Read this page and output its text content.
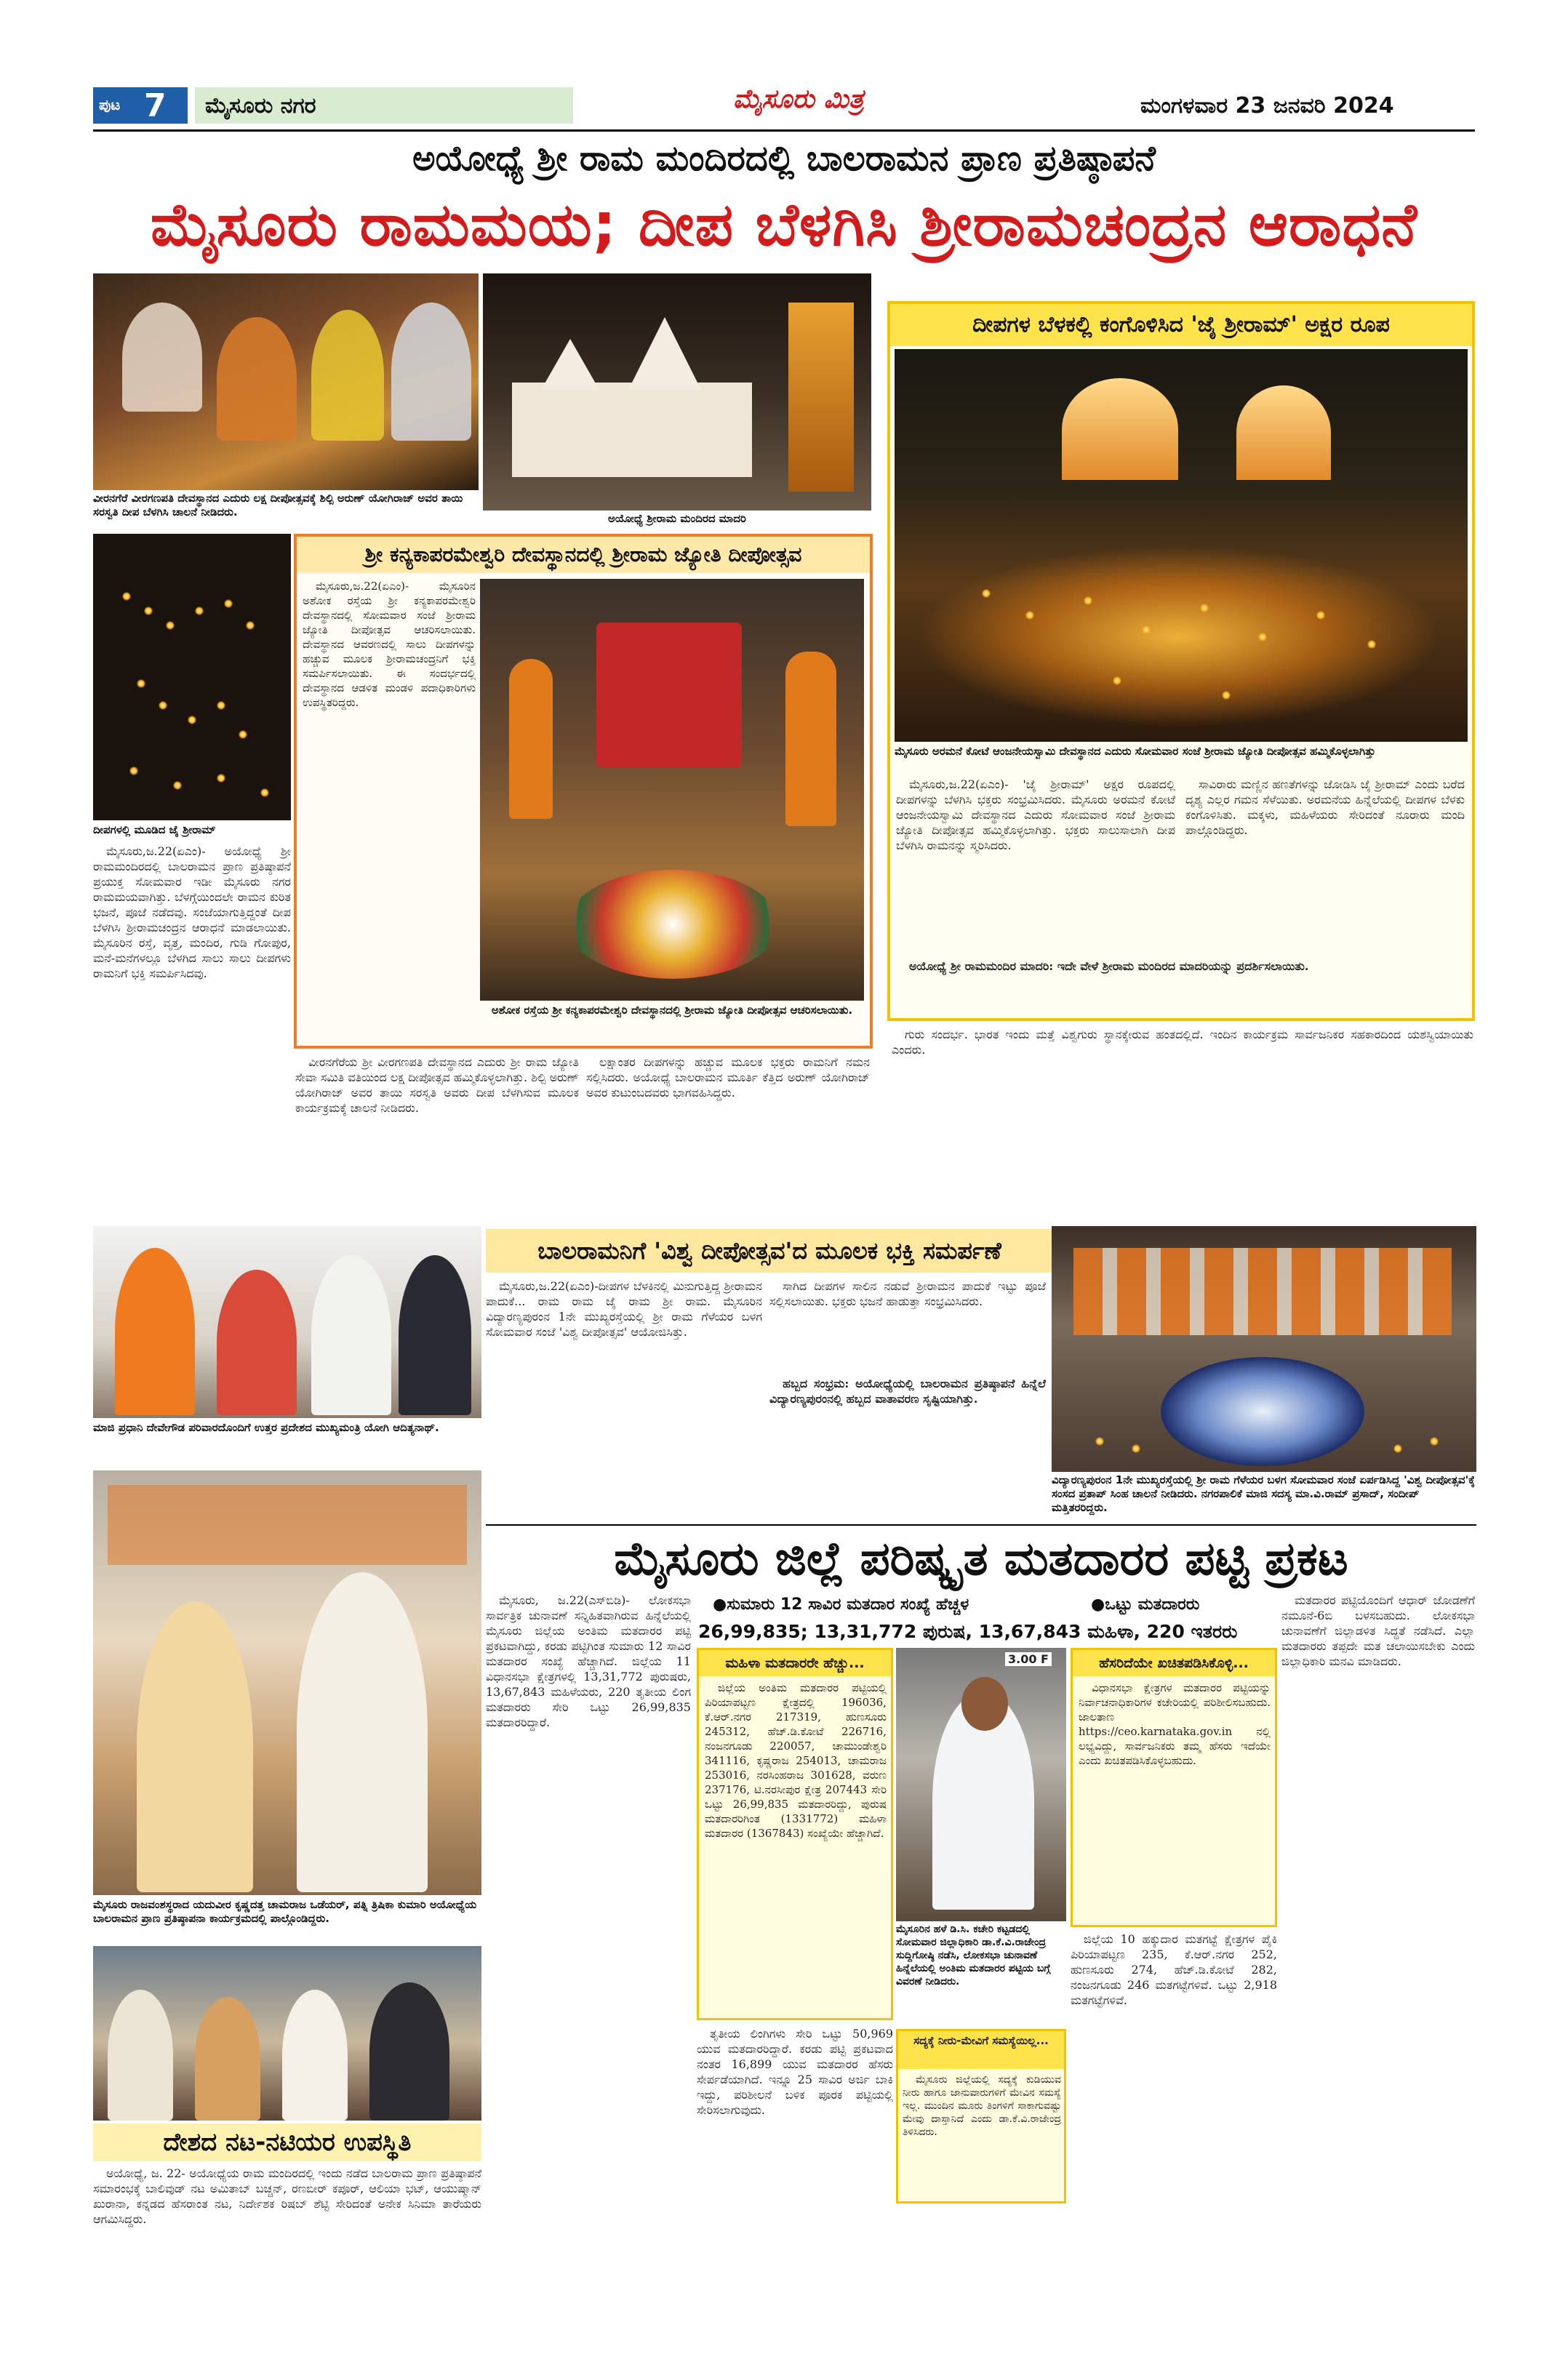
ಪುಟ 7 ಮೈಸೂರು ನಗರ	ಮೈಸೂರು ಮಿತ್ರ	ಮಂಗಳವಾರ 23 ಜನವರಿ 2024
ಅಯೋಧ್ಯೆ ಶ್ರೀ ರಾಮ ಮಂದಿರದಲ್ಲಿ ಬಾಲರಾಮನ ಪ್ರಾಣ ಪ್ರತಿಷ್ಠಾಪನೆ
ಮೈಸೂರು ರಾಮಮಯ; ದೀಪ ಬೆಳಗಿಸಿ ಶ್ರೀರಾಮಚಂದ್ರನ ಆರಾಧನೆ
ವೀರನಗೆರೆ ವೀರಗಣಪತಿ ದೇವಸ್ಥಾನದ ಎದುರು ಲಕ್ಷ ದೀಪೋತ್ಸವಕ್ಕೆ ಶಿಲ್ಪಿ ಅರುಣ್ ಯೋಗಿರಾಜ್ ಅವರ ತಾಯಿ ಸರಸ್ವತಿ ದೀಪ ಬೆಳಗಿಸಿ ಚಾಲನೆ ನೀಡಿದರು.	ಅಯೋಧ್ಯೆ ಶ್ರೀರಾಮ ಮಂದಿರದ ಮಾದರಿ
ದೀಪಗಳಲ್ಲಿ ಮೂಡಿದ ಜೈ ಶ್ರೀರಾಮ್
ಶ್ರೀ ಕನ್ಯಕಾಪರಮೇಶ್ವರಿ ದೇವಸ್ಥಾನದಲ್ಲಿ ಶ್ರೀರಾಮ ಜ್ಯೋತಿ ದೀಪೋತ್ಸವ

ಮೈಸೂರು,ಜ.22(ಏಎಂ)- ಮೈಸೂರಿನ ಅಶೋಕ ರಸ್ತೆಯ ಶ್ರೀ ಕನ್ಯಕಾಪರಮೇಶ್ವರಿ ದೇವಸ್ಥಾನದಲ್ಲಿ ಸೋಮವಾರ ಸಂಜೆ ಶ್ರೀರಾಮ ಜ್ಯೋತಿ ದೀಪೋತ್ಸವ ಆಚರಿಸಲಾಯಿತು. ದೇವಸ್ಥಾನದ ಆವರಣದಲ್ಲಿ ಸಾಲು ದೀಪಗಳನ್ನು ಹಚ್ಚುವ ಮೂಲಕ ಶ್ರೀರಾಮಚಂದ್ರನಿಗೆ ಭಕ್ತಿ ಸಮರ್ಪಿಸಲಾಯಿತು. ಈ ಸಂದರ್ಭದಲ್ಲಿ ದೇವಸ್ಥಾನದ ಆಡಳಿತ ಮಂಡಳಿ ಪದಾಧಿಕಾರಿಗಳು ಉಪಸ್ಥಿತರಿದ್ದರು.

ಅಶೋಕ ರಸ್ತೆಯ ಶ್ರೀ ಕನ್ಯಕಾಪರಮೇಶ್ವರಿ ದೇವಸ್ಥಾನದಲ್ಲಿ ಶ್ರೀರಾಮ ಜ್ಯೋತಿ ದೀಪೋತ್ಸವ ಆಚರಿಸಲಾಯಿತು.
ದೀಪಗಳ ಬೆಳಕಲ್ಲಿ ಕಂಗೊಳಿಸಿದ 'ಜೈ ಶ್ರೀರಾಮ್' ಅಕ್ಷರ ರೂಪ
ಮೈಸೂರು ಅರಮನೆ ಕೋಟೆ ಆಂಜನೇಯಸ್ವಾಮಿ ದೇವಸ್ಥಾನದ ಎದುರು ಸೋಮವಾರ ಸಂಜೆ ಶ್ರೀರಾಮ ಜ್ಯೋತಿ ದೀಪೋತ್ಸವ ಹಮ್ಮಿಕೊಳ್ಳಲಾಗಿತ್ತು

ಮೈಸೂರು,ಜ.22(ಏಎಂ)- 'ಜೈ ಶ್ರೀರಾಮ್' ಅಕ್ಷರ ರೂಪದಲ್ಲಿ ದೀಪಗಳನ್ನು ಬೆಳಗಿಸಿ ಭಕ್ತರು ಸಂಭ್ರಮಿಸಿದರು. ಮೈಸೂರು ಅರಮನೆ ಕೋಟೆ ಆಂಜನೇಯಸ್ವಾಮಿ ದೇವಸ್ಥಾನದ ಎದುರು ಸೋಮವಾರ ಸಂಜೆ ಶ್ರೀರಾಮ ಜ್ಯೋತಿ ದೀಪೋತ್ಸವ ಹಮ್ಮಿಕೊಳ್ಳಲಾಗಿತ್ತು. ಭಕ್ತರು ಸಾಲುಸಾಲಾಗಿ ದೀಪ ಬೆಳಗಿಸಿ ರಾಮನನ್ನು ಸ್ಮರಿಸಿದರು.

ಸಾವಿರಾರು ಮಣ್ಣಿನ ಹಣತೆಗಳನ್ನು ಜೋಡಿಸಿ ಜೈ ಶ್ರೀರಾಮ್ ಎಂದು ಬರೆದ ದೃಶ್ಯ ಎಲ್ಲರ ಗಮನ ಸೆಳೆಯಿತು. ಅರಮನೆಯ ಹಿನ್ನೆಲೆಯಲ್ಲಿ ದೀಪಗಳ ಬೆಳಕು ಕಂಗೊಳಿಸಿತು. ಮಕ್ಕಳು, ಮಹಿಳೆಯರು ಸೇರಿದಂತೆ ನೂರಾರು ಮಂದಿ ಪಾಲ್ಗೊಂಡಿದ್ದರು.

ಅಯೋಧ್ಯೆ ಶ್ರೀ ರಾಮಮಂದಿರ ಮಾದರಿ: ಇದೇ ವೇಳೆ ಶ್ರೀರಾಮ ಮಂದಿರದ ಮಾದರಿಯನ್ನು ಪ್ರದರ್ಶಿಸಲಾಯಿತು.

ಮೈಸೂರು,ಜ.22(ಏಎಂ)- ಅಯೋಧ್ಯೆ ಶ್ರೀ ರಾಮಮಂದಿರದಲ್ಲಿ ಬಾಲರಾಮನ ಪ್ರಾಣ ಪ್ರತಿಷ್ಠಾಪನೆ ಪ್ರಯುಕ್ತ ಸೋಮವಾರ ಇಡೀ ಮೈಸೂರು ನಗರ ರಾಮಮಯವಾಗಿತ್ತು. ಬೆಳಗ್ಗೆಯಿಂದಲೇ ರಾಮನ ಕುರಿತ ಭಜನೆ, ಪೂಜೆ ನಡೆದವು. ಸಂಜೆಯಾಗುತ್ತಿದ್ದಂತೆ ದೀಪ ಬೆಳಗಿಸಿ ಶ್ರೀರಾಮಚಂದ್ರನ ಆರಾಧನೆ ಮಾಡಲಾಯಿತು. ಮೈಸೂರಿನ ರಸ್ತೆ, ವೃತ್ತ, ಮಂದಿರ, ಗುಡಿ ಗೋಪುರ, ಮನೆ-ಮನೆಗಳಲ್ಲೂ ಬೆಳಗಿದ ಸಾಲು ಸಾಲು ದೀಪಗಳು ರಾಮನಿಗೆ ಭಕ್ತಿ ಸಮರ್ಪಿಸಿದವು.

ವೀರನಗೆರೆಯ ಶ್ರೀ ವೀರಗಣಪತಿ ದೇವಸ್ಥಾನದ ಎದುರು ಶ್ರೀ ರಾಮ ಜ್ಯೋತಿ ಸೇವಾ ಸಮಿತಿ ವತಿಯಿಂದ ಲಕ್ಷ ದೀಪೋತ್ಸವ ಹಮ್ಮಿಕೊಳ್ಳಲಾಗಿತ್ತು. ಶಿಲ್ಪಿ ಅರುಣ್ ಯೋಗಿರಾಜ್ ಅವರ ತಾಯಿ ಸರಸ್ವತಿ ಅವರು ದೀಪ ಬೆಳಗಿಸುವ ಮೂಲಕ ಕಾರ್ಯಕ್ರಮಕ್ಕೆ ಚಾಲನೆ ನೀಡಿದರು.

ಲಕ್ಷಾಂತರ ದೀಪಗಳನ್ನು ಹಚ್ಚುವ ಮೂಲಕ ಭಕ್ತರು ರಾಮನಿಗೆ ನಮನ ಸಲ್ಲಿಸಿದರು. ಅಯೋಧ್ಯೆ ಬಾಲರಾಮನ ಮೂರ್ತಿ ಕೆತ್ತಿದ ಅರುಣ್ ಯೋಗಿರಾಜ್ ಅವರ ಕುಟುಂಬದವರು ಭಾಗವಹಿಸಿದ್ದರು.

ಗುರು ಸಂದರ್ಭ. ಭಾರತ ಇಂದು ಮತ್ತೆ ವಿಶ್ವಗುರು ಸ್ಥಾನಕ್ಕೇರುವ ಹಂತದಲ್ಲಿದೆ. ಇಂದಿನ ಕಾರ್ಯಕ್ರಮ ಸಾರ್ವಜನಿಕರ ಸಹಕಾರದಿಂದ ಯಶಸ್ವಿಯಾಯಿತು ಎಂದರು.

ಮಾಜಿ ಪ್ರಧಾನಿ ದೇವೇಗೌಡ ಪರಿವಾರದೊಂದಿಗೆ ಉತ್ತರ ಪ್ರದೇಶದ ಮುಖ್ಯಮಂತ್ರಿ ಯೋಗಿ ಆದಿತ್ಯನಾಥ್.
ಮೈಸೂರು ರಾಜವಂಶಸ್ಥರಾದ ಯದುವೀರ ಕೃಷ್ಣದತ್ತ ಚಾಮರಾಜ ಒಡೆಯರ್, ಪತ್ನಿ ತ್ರಿಷಿಕಾ ಕುಮಾರಿ ಅಯೋಧ್ಯೆಯ ಬಾಲರಾಮನ ಪ್ರಾಣ ಪ್ರತಿಷ್ಠಾಪನಾ ಕಾರ್ಯಕ್ರಮದಲ್ಲಿ ಪಾಲ್ಗೊಂಡಿದ್ದರು.
ದೇಶದ ನಟ-ನಟಿಯರ ಉಪಸ್ಥಿತಿ

ಅಯೋಧ್ಯೆ, ಜ. 22- ಅಯೋಧ್ಯೆಯ ರಾಮ ಮಂದಿರದಲ್ಲಿ ಇಂದು ನಡೆದ ಬಾಲರಾಮ ಪ್ರಾಣ ಪ್ರತಿಷ್ಠಾಪನೆ ಸಮಾರಂಭಕ್ಕೆ ಬಾಲಿವುಡ್ ನಟ ಅಮಿತಾಬ್ ಬಚ್ಚನ್, ರಣಬೀರ್ ಕಪೂರ್, ಆಲಿಯಾ ಭಟ್, ಆಯುಷ್ಮಾನ್ ಖುರಾನಾ, ಕನ್ನಡದ ಹೆಸರಾಂತ ನಟ, ನಿರ್ದೇಶಕ ರಿಷಬ್ ಶೆಟ್ಟಿ ಸೇರಿದಂತೆ ಅನೇಕ ಸಿನಿಮಾ ತಾರೆಯರು ಆಗಮಿಸಿದ್ದರು.

ಬಾಲರಾಮನಿಗೆ 'ವಿಶ್ವ ದೀಪೋತ್ಸವ'ದ ಮೂಲಕ ಭಕ್ತಿ ಸಮರ್ಪಣೆ

ಮೈಸೂರು,ಜ.22(ಏಎಂ)-ದೀಪಗಳ ಬೆಳಕಿನಲ್ಲಿ ಮಿನುಗುತ್ತಿದ್ದ ಶ್ರೀರಾಮನ ಪಾದುಕೆ... ರಾಮ ರಾಮ ಜೈ ರಾಮ ಶ್ರೀ ರಾಮ. ಮೈಸೂರಿನ ವಿದ್ಯಾರಣ್ಯಪುರಂನ 1ನೇ ಮುಖ್ಯರಸ್ತೆಯಲ್ಲಿ ಶ್ರೀ ರಾಮ ಗೆಳೆಯರ ಬಳಗ ಸೋಮವಾರ ಸಂಜೆ 'ವಿಶ್ವ ದೀಪೋತ್ಸವ' ಆಯೋಜಿಸಿತ್ತು.

ಸಾಗಿದ ದೀಪಗಳ ಸಾಲಿನ ನಡುವೆ ಶ್ರೀರಾಮನ ಪಾದುಕೆ ಇಟ್ಟು ಪೂಜೆ ಸಲ್ಲಿಸಲಾಯಿತು. ಭಕ್ತರು ಭಜನೆ ಹಾಡುತ್ತಾ ಸಂಭ್ರಮಿಸಿದರು.

ಹಬ್ಬದ ಸಂಭ್ರಮ: ಅಯೋಧ್ಯೆಯಲ್ಲಿ ಬಾಲರಾಮನ ಪ್ರತಿಷ್ಠಾಪನೆ ಹಿನ್ನೆಲೆ ವಿದ್ಯಾರಣ್ಯಪುರಂನಲ್ಲಿ ಹಬ್ಬದ ವಾತಾವರಣ ಸೃಷ್ಟಿಯಾಗಿತ್ತು.

ವಿದ್ಯಾರಣ್ಯಪುರಂನ 1ನೇ ಮುಖ್ಯರಸ್ತೆಯಲ್ಲಿ ಶ್ರೀ ರಾಮ ಗೆಳೆಯರ ಬಳಗ ಸೋಮವಾರ ಸಂಜೆ ಏರ್ಪಡಿಸಿದ್ದ 'ವಿಶ್ವ ದೀಪೋತ್ಸವ'ಕ್ಕೆ ಸಂಸದ ಪ್ರತಾಪ್ ಸಿಂಹ ಚಾಲನೆ ನೀಡಿದರು. ನಗರಪಾಲಿಕೆ ಮಾಜಿ ಸದಸ್ಯ ಮಾ.ವಿ.ರಾಮ್ ಪ್ರಸಾದ್, ಸಂದೀಪ್ ಮತ್ತಿತರರಿದ್ದರು.
ಮೈಸೂರು ಜಿಲ್ಲೆ ಪರಿಷ್ಕೃತ ಮತದಾರರ ಪಟ್ಟಿ ಪ್ರಕಟ
●ಸುಮಾರು 12 ಸಾವಿರ ಮತದಾರ ಸಂಖ್ಯೆ ಹೆಚ್ಚಳ	●ಒಟ್ಟು ಮತದಾರರು
26,99,835; 13,31,772 ಪುರುಷ, 13,67,843 ಮಹಿಳಾ, 220 ಇತರರು

ಮೈಸೂರು, ಜ.22(ಎಸ್‌ಬಿಡಿ)- ಲೋಕಸಭಾ ಸಾರ್ವತ್ರಿಕ ಚುನಾವಣೆ ಸನ್ನಿಹಿತವಾಗಿರುವ ಹಿನ್ನೆಲೆಯಲ್ಲಿ ಮೈಸೂರು ಜಿಲ್ಲೆಯ ಅಂತಿಮ ಮತದಾರರ ಪಟ್ಟಿ ಪ್ರಕಟವಾಗಿದ್ದು, ಕರಡು ಪಟ್ಟಿಗಿಂತ ಸುಮಾರು 12 ಸಾವಿರ ಮತದಾರರ ಸಂಖ್ಯೆ ಹೆಚ್ಚಾಗಿದೆ. ಜಿಲ್ಲೆಯ 11 ವಿಧಾನಸಭಾ ಕ್ಷೇತ್ರಗಳಲ್ಲಿ 13,31,772 ಪುರುಷರು, 13,67,843 ಮಹಿಳೆಯರು, 220 ತೃತೀಯ ಲಿಂಗ ಮತದಾರರು ಸೇರಿ ಒಟ್ಟು 26,99,835 ಮತದಾರರಿದ್ದಾರೆ.

ಮಹಿಳಾ ಮತದಾರರೇ ಹೆಚ್ಚು...

ಜಿಲ್ಲೆಯ ಅಂತಿಮ ಮತದಾರರ ಪಟ್ಟಿಯಲ್ಲಿ ಪಿರಿಯಾಪಟ್ಟಣ ಕ್ಷೇತ್ರದಲ್ಲಿ 196036, ಕೆ.ಆರ್.ನಗರ 217319, ಹುಣಸೂರು 245312, ಹೆಚ್.ಡಿ.ಕೋಟೆ 226716, ನಂಜನಗೂಡು 220057, ಚಾಮುಂಡೇಶ್ವರಿ 341116, ಕೃಷ್ಣರಾಜ 254013, ಚಾಮರಾಜ 253016, ನರಸಿಂಹರಾಜ 301628, ವರುಣ 237176, ಟಿ.ನರಸೀಪುರ ಕ್ಷೇತ್ರ 207443 ಸೇರಿ ಒಟ್ಟು 26,99,835 ಮತದಾರರಿದ್ದು, ಪುರುಷ ಮತದಾರರಿಗಿಂತ (1331772) ಮಹಿಳಾ ಮತದಾರರ (1367843) ಸಂಖ್ಯೆಯೇ ಹೆಚ್ಚಾಗಿದೆ.

3.00 F
ಮೈಸೂರಿನ ಹಳೆ ಡಿ.ಸಿ. ಕಚೇರಿ ಕಟ್ಟಡದಲ್ಲಿ ಸೋಮವಾರ ಜಿಲ್ಲಾಧಿಕಾರಿ ಡಾ.ಕೆ.ವಿ.ರಾಜೇಂದ್ರ ಸುದ್ದಿಗೋಷ್ಠಿ ನಡೆಸಿ, ಲೋಕಸಭಾ ಚುನಾವಣೆ ಹಿನ್ನೆಲೆಯಲ್ಲಿ ಅಂತಿಮ ಮತದಾರರ ಪಟ್ಟಿಯ ಬಗ್ಗೆ ವಿವರಣೆ ನೀಡಿದರು.
ಹೆಸರಿದೆಯೇ ಖಚಿತಪಡಿಸಿಕೊಳ್ಳಿ...

ವಿಧಾನಸಭಾ ಕ್ಷೇತ್ರಗಳ ಮತದಾರರ ಪಟ್ಟಿಯನ್ನು ನಿರ್ವಾಚನಾಧಿಕಾರಿಗಳ ಕಚೇರಿಯಲ್ಲಿ ಪರಿಶೀಲಿಸಬಹುದು. ಜಾಲತಾಣ https://ceo.karnataka.gov.in ನಲ್ಲಿ ಲಭ್ಯವಿದ್ದು, ಸಾರ್ವಜನಿಕರು ತಮ್ಮ ಹೆಸರು ಇದೆಯೇ ಎಂದು ಖಚಿತಪಡಿಸಿಕೊಳ್ಳಬಹುದು.

ಮತದಾರರ ಪಟ್ಟಿಯೊಂದಿಗೆ ಆಧಾರ್ ಜೋಡಣೆಗೆ ನಮೂನೆ-6ಬಿ ಬಳಸಬಹುದು. ಲೋಕಸಭಾ ಚುನಾವಣೆಗೆ ಜಿಲ್ಲಾಡಳಿತ ಸಿದ್ಧತೆ ನಡೆಸಿದೆ. ಎಲ್ಲಾ ಮತದಾರರು ತಪ್ಪದೇ ಮತ ಚಲಾಯಿಸಬೇಕು ಎಂದು ಜಿಲ್ಲಾಧಿಕಾರಿ ಮನವಿ ಮಾಡಿದರು.

ತೃತೀಯ ಲಿಂಗಿಗಳು ಸೇರಿ ಒಟ್ಟು 50,969 ಯುವ ಮತದಾರರಿದ್ದಾರೆ. ಕರಡು ಪಟ್ಟಿ ಪ್ರಕಟವಾದ ನಂತರ 16,899 ಯುವ ಮತದಾರರ ಹೆಸರು ಸೇರ್ಪಡೆಯಾಗಿದೆ. ಇನ್ನೂ 25 ಸಾವಿರ ಅರ್ಜಿ ಬಾಕಿ ಇದ್ದು, ಪರಿಶೀಲನೆ ಬಳಿಕ ಪೂರಕ ಪಟ್ಟಿಯಲ್ಲಿ ಸೇರಿಸಲಾಗುವುದು.

ಸದ್ಯಕ್ಕೆ ನೀರು-ಮೇವಿಗೆ ಸಮಸ್ಯೆಯಿಲ್ಲ...

ಮೈಸೂರು ಜಿಲ್ಲೆಯಲ್ಲಿ ಸದ್ಯಕ್ಕೆ ಕುಡಿಯುವ ನೀರು ಹಾಗೂ ಜಾನುವಾರುಗಳಿಗೆ ಮೇವಿನ ಸಮಸ್ಯೆ ಇಲ್ಲ. ಮುಂದಿನ ಮೂರು ತಿಂಗಳಿಗೆ ಸಾಕಾಗುವಷ್ಟು ಮೇವು ದಾಸ್ತಾನಿದೆ ಎಂದು ಡಾ.ಕೆ.ವಿ.ರಾಜೇಂದ್ರ ತಿಳಿಸಿದರು.

ಜಿಲ್ಲೆಯ 10 ಹಕ್ಕುದಾರ ಮತಗಟ್ಟೆ ಕ್ಷೇತ್ರಗಳ ಪೈಕಿ ಪಿರಿಯಾಪಟ್ಟಣ 235, ಕೆ.ಆರ್.ನಗರ 252, ಹುಣಸೂರು 274, ಹೆಚ್.ಡಿ.ಕೋಟೆ 282, ನಂಜನಗೂಡು 246 ಮತಗಟ್ಟೆಗಳಿವೆ. ಒಟ್ಟು 2,918 ಮತಗಟ್ಟೆಗಳಿವೆ.
